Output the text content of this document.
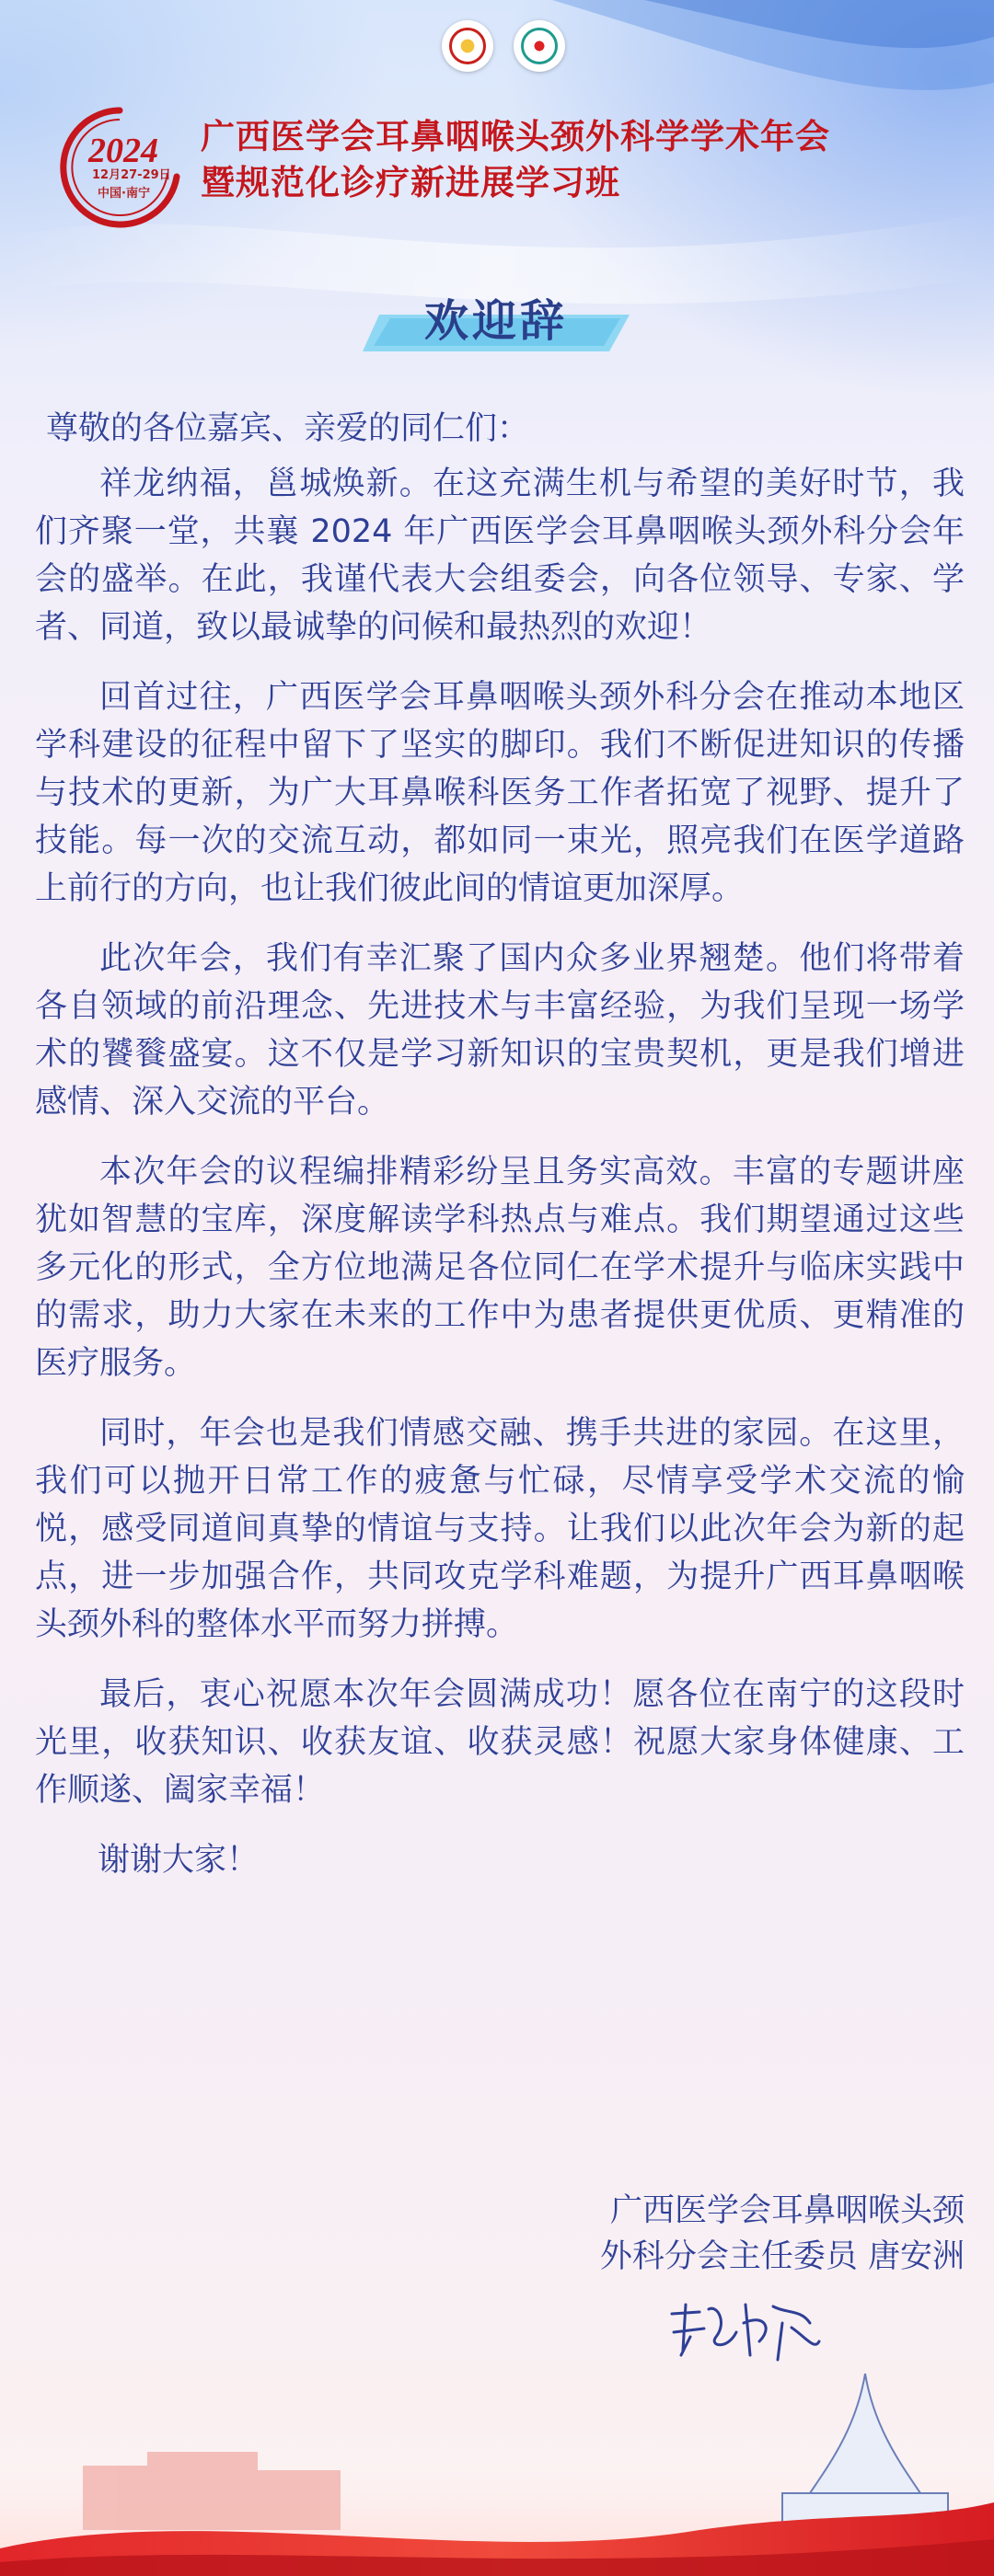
2024
12月27-29日
中国·南宁
广西医学会耳鼻咽喉头颈外科学学术年会
暨规范化诊疗新进展学习班
欢迎辞
尊敬的各位嘉宾、亲爱的同仁们：
祥龙纳福，邕城焕新。在这充满生机与希望的美好时节，我们齐聚一堂，共襄 2024 年广西医学会耳鼻咽喉头颈外科分会年会的盛举。在此，我谨代表大会组委会，向各位领导、专家、学者、同道，致以最诚挚的问候和最热烈的欢迎！
回首过往，广西医学会耳鼻咽喉头颈外科分会在推动本地区学科建设的征程中留下了坚实的脚印。我们不断促进知识的传播与技术的更新，为广大耳鼻喉科医务工作者拓宽了视野、提升了技能。每一次的交流互动，都如同一束光，照亮我们在医学道路上前行的方向，也让我们彼此间的情谊更加深厚。
此次年会，我们有幸汇聚了国内众多业界翘楚。他们将带着各自领域的前沿理念、先进技术与丰富经验，为我们呈现一场学术的饕餮盛宴。这不仅是学习新知识的宝贵契机，更是我们增进感情、深入交流的平台。
本次年会的议程编排精彩纷呈且务实高效。丰富的专题讲座犹如智慧的宝库，深度解读学科热点与难点。我们期望通过这些多元化的形式，全方位地满足各位同仁在学术提升与临床实践中的需求，助力大家在未来的工作中为患者提供更优质、更精准的医疗服务。
同时，年会也是我们情感交融、携手共进的家园。在这里，我们可以抛开日常工作的疲惫与忙碌，尽情享受学术交流的愉悦，感受同道间真挚的情谊与支持。让我们以此次年会为新的起点，进一步加强合作，共同攻克学科难题，为提升广西耳鼻咽喉头颈外科的整体水平而努力拼搏。
最后，衷心祝愿本次年会圆满成功！愿各位在南宁的这段时光里，收获知识、收获友谊、收获灵感！祝愿大家身体健康、工作顺遂、阖家幸福！
谢谢大家！
广西医学会耳鼻咽喉头颈
外科分会主任委员 唐安洲
